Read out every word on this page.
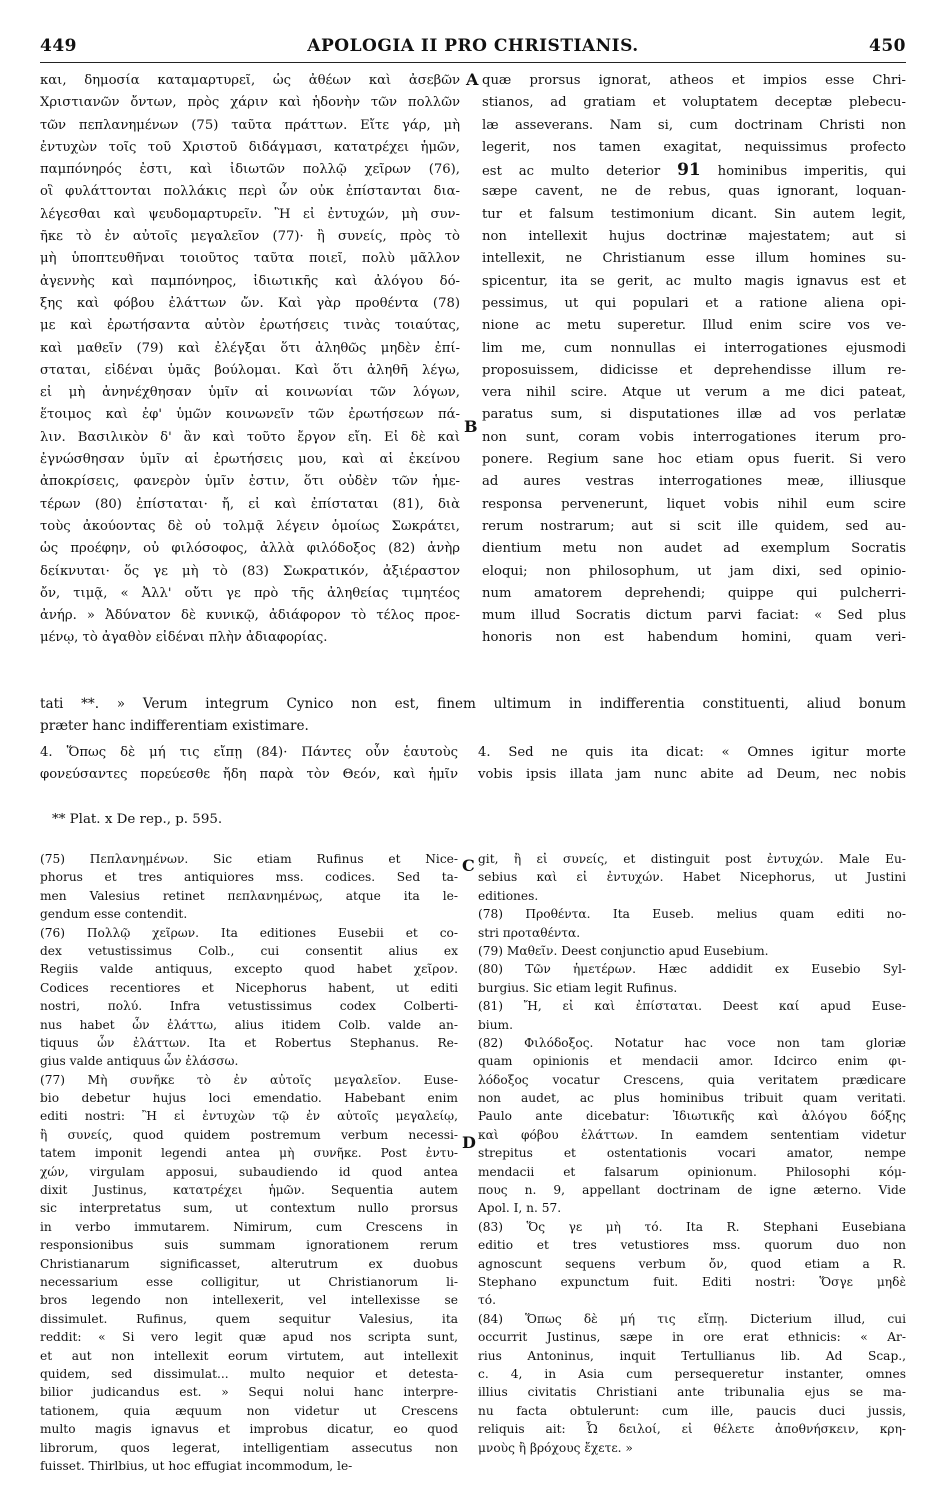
449	APOLOGIA II PRO CHRISTIANIS.	450
A
B
C
D
και, δημοσία καταμαρτυρεῖ, ὡς ἀθέων καὶ ἀσεβῶν
Χριστιανῶν ὄντων, πρὸς χάριν καὶ ἡδονὴν τῶν πολλῶν
τῶν πεπλανημένων (75) ταῦτα πράττων. Εἴτε γάρ, μὴ
ἐντυχὼν τοῖς τοῦ Χριστοῦ διδάγμασι, κατατρέχει ἡμῶν,
παμπόνηρός ἐστι, καὶ ἰδιωτῶν πολλῷ χεῖρων (76),
οἳ φυλάττονται πολλάκις περὶ ὧν οὐκ ἐπίστανται δια-
λέγεσθαι καὶ ψευδομαρτυρεῖν. Ἢ εἰ ἐντυχών, μὴ συν-
ῆκε τὸ ἐν αὐτοῖς μεγαλεῖον (77)· ἢ συνείς, πρὸς τὸ
μὴ ὑποπτευθῆναι τοιοῦτος ταῦτα ποιεῖ, πολὺ μᾶλλον
ἀγεννὴς καὶ παμπόνηρος, ἰδιωτικῆς καὶ ἀλόγου δό-
ξης καὶ φόβου ἐλάττων ὤν. Καὶ γὰρ προθέντα (78)
με καὶ ἐρωτήσαντα αὐτὸν ἐρωτήσεις τινὰς τοιαύτας,
καὶ μαθεῖν (79) καὶ ἐλέγξαι ὅτι ἀληθῶς μηδὲν ἐπί-
σταται, εἰδέναι ὑμᾶς βούλομαι. Καὶ ὅτι ἀληθῆ λέγω,
εἰ μὴ ἀνηνέχθησαν ὑμῖν αἱ κοινωνίαι τῶν λόγων,
ἕτοιμος καὶ ἐφ' ὑμῶν κοινωνεῖν τῶν ἐρωτήσεων πά-
λιν. Βασιλικὸν δ' ἂν καὶ τοῦτο ἔργον εἴη. Εἰ δὲ καὶ
ἐγνώσθησαν ὑμῖν αἱ ἐρωτήσεις μου, καὶ αἱ ἐκείνου
ἀποκρίσεις, φανερὸν ὑμῖν ἐστιν, ὅτι οὐδὲν τῶν ἡμε-
τέρων (80) ἐπίσταται· ἤ, εἰ καὶ ἐπίσταται (81), διὰ
τοὺς ἀκούοντας δὲ οὐ τολμᾷ λέγειν ὁμοίως Σωκράτει,
ὡς προέφην, οὐ φιλόσοφος, ἀλλὰ φιλόδοξος (82) ἀνὴρ
δείκνυται· ὅς γε μὴ τὸ (83) Σωκρατικόν, ἀξιέραστον
ὄν, τιμᾷ, « Ἀλλ' οὔτι γε πρὸ τῆς ἀληθείας τιμητέος
ἀνήρ. » Ἀδύνατον δὲ κυνικῷ, ἀδιάφορον τὸ τέλος προε-
μένῳ, τὸ ἀγαθὸν εἰδέναι πλὴν ἀδιαφορίας.
quæ prorsus ignorat, atheos et impios esse Chri-
stianos, ad gratiam et voluptatem deceptæ plebecu-
læ asseverans. Nam si, cum doctrinam Christi non
legerit, nos tamen exagitat, nequissimus profecto
est ac multo deterior 91 hominibus imperitis, qui
sæpe cavent, ne de rebus, quas ignorant, loquan-
tur et falsum testimonium dicant. Sin autem legit,
non intellexit hujus doctrinæ majestatem; aut si
intellexit, ne Christianum esse illum homines su-
spicentur, ita se gerit, ac multo magis ignavus est et
pessimus, ut qui populari et a ratione aliena opi-
nione ac metu superetur. Illud enim scire vos ve-
lim me, cum nonnullas ei interrogationes ejusmodi
proposuissem, didicisse et deprehendisse illum re-
vera nihil scire. Atque ut verum a me dici pateat,
paratus sum, si disputationes illæ ad vos perlatæ
non sunt, coram vobis interrogationes iterum pro-
ponere. Regium sane hoc etiam opus fuerit. Si vero
ad aures vestras interrogationes meæ, illiusque
responsa pervenerunt, liquet vobis nihil eum scire
rerum nostrarum; aut si scit ille quidem, sed au-
dientium metu non audet ad exemplum Socratis
eloqui; non philosophum, ut jam dixi, sed opinio-
num amatorem deprehendi; quippe qui pulcherri-
mum illud Socratis dictum parvi faciat: « Sed plus
honoris non est habendum homini, quam veri-
tati **. » Verum integrum Cynico non est, finem ultimum in indifferentia constituenti, aliud bonum
præter hanc indifferentiam existimare.
4. Ὅπως δὲ μή τις εἴπῃ (84)· Πάντες οὖν ἑαυτοὺς
φονεύσαντες πορεύεσθε ἤδη παρὰ τὸν Θεόν, καὶ ἡμῖν
4. Sed ne quis ita dicat: « Omnes igitur morte
vobis ipsis illata jam nunc abite ad Deum, nec nobis
** Plat. x De rep., p. 595.
(75) Πεπλανημένων. Sic etiam Rufinus et Nice-
phorus et tres antiquiores mss. codices. Sed ta-
men Valesius retinet πεπλανημένως, atque ita le-
gendum esse contendit.
(76) Πολλῷ χεῖρων. Ita editiones Eusebii et co-
dex vetustissimus Colb., cui consentit alius ex
Regiis valde antiquus, excepto quod habet χεῖρον.
Codices recentiores et Nicephorus habent, ut editi
nostri, πολύ. Infra vetustissimus codex Colberti-
nus habet ὧν ἐλάττω, alius itidem Colb. valde an-
tiquus ὧν ἐλάττων. Ita et Robertus Stephanus. Re-
gius valde antiquus ὧν ἐλάσσω.
(77) Μὴ συνῆκε τὸ ἐν αὐτοῖς μεγαλεῖον. Euse-
bio debetur hujus loci emendatio. Habebant enim
editi nostri: Ἢ εἰ ἐντυχὼν τῷ ἐν αὐτοῖς μεγαλείῳ,
ἢ συνείς, quod quidem postremum verbum necessi-
tatem imponit legendi antea μὴ συνῆκε. Post ἐντυ-
χών, virgulam apposui, subaudiendo id quod antea
dixit Justinus, κατατρέχει ἡμῶν. Sequentia autem
sic interpretatus sum, ut contextum nullo prorsus
in verbo immutarem. Nimirum, cum Crescens in
responsionibus suis summam ignorationem rerum
Christianarum significasset, alterutrum ex duobus
necessarium esse colligitur, ut Christianorum li-
bros legendo non intellexerit, vel intellexisse se
dissimulet. Rufinus, quem sequitur Valesius, ita
reddit: « Si vero legit quæ apud nos scripta sunt,
et aut non intellexit eorum virtutem, aut intellexit
quidem, sed dissimulat... multo nequior et detesta-
bilior judicandus est. » Sequi nolui hanc interpre-
tationem, quia æquum non videtur ut Crescens
multo magis ignavus et improbus dicatur, eo quod
librorum, quos legerat, intelligentiam assecutus non
fuisset. Thirlbius, ut hoc effugiat incommodum, le-
git, ἢ εἰ συνείς, et distinguit post ἐντυχών. Male Eu-
sebius καὶ εἰ ἐντυχών. Habet Nicephorus, ut Justini
editiones.
(78) Προθέντα. Ita Euseb. melius quam editi no-
stri προταθέντα.
(79) Μαθεῖν. Deest conjunctio apud Eusebium.
(80) Τῶν ἡμετέρων. Hæc addidit ex Eusebio Syl-
burgius. Sic etiam legit Rufinus.
(81) Ἤ, εἰ καὶ ἐπίσταται. Deest καί apud Euse-
bium.
(82) Φιλόδοξος. Notatur hac voce non tam gloriæ
quam opinionis et mendacii amor. Idcirco enim φι-
λόδοξος vocatur Crescens, quia veritatem prædicare
non audet, ac plus hominibus tribuit quam veritati.
Paulo ante dicebatur: Ἰδιωτικῆς καὶ ἀλόγου δόξης
καὶ φόβου ἐλάττων. In eamdem sententiam videtur
strepitus et ostentationis vocari amator, nempe
mendacii et falsarum opinionum. Philosophi κόμ-
πους n. 9, appellant doctrinam de igne æterno. Vide
Apol. I, n. 57.
(83) Ὅς γε μὴ τό. Ita R. Stephani Eusebiana
editio et tres vetustiores mss. quorum duo non
agnoscunt sequens verbum ὄν, quod etiam a R.
Stephano expunctum fuit. Editi nostri: Ὅσγε μηδὲ
τό.
(84) Ὅπως δὲ μή τις εἴπῃ. Dicterium illud, cui
occurrit Justinus, sæpe in ore erat ethnicis: « Ar-
rius Antoninus, inquit Tertullianus lib. Ad Scap.,
c. 4, in Asia cum persequeretur instanter, omnes
illius civitatis Christiani ante tribunalia ejus se ma-
nu facta obtulerunt: cum ille, paucis duci jussis,
reliquis ait: Ὦ δειλοί, εἰ θέλετε ἀποθνήσκειν, κρη-
μνοὺς ἢ βρόχους ἔχετε. »
